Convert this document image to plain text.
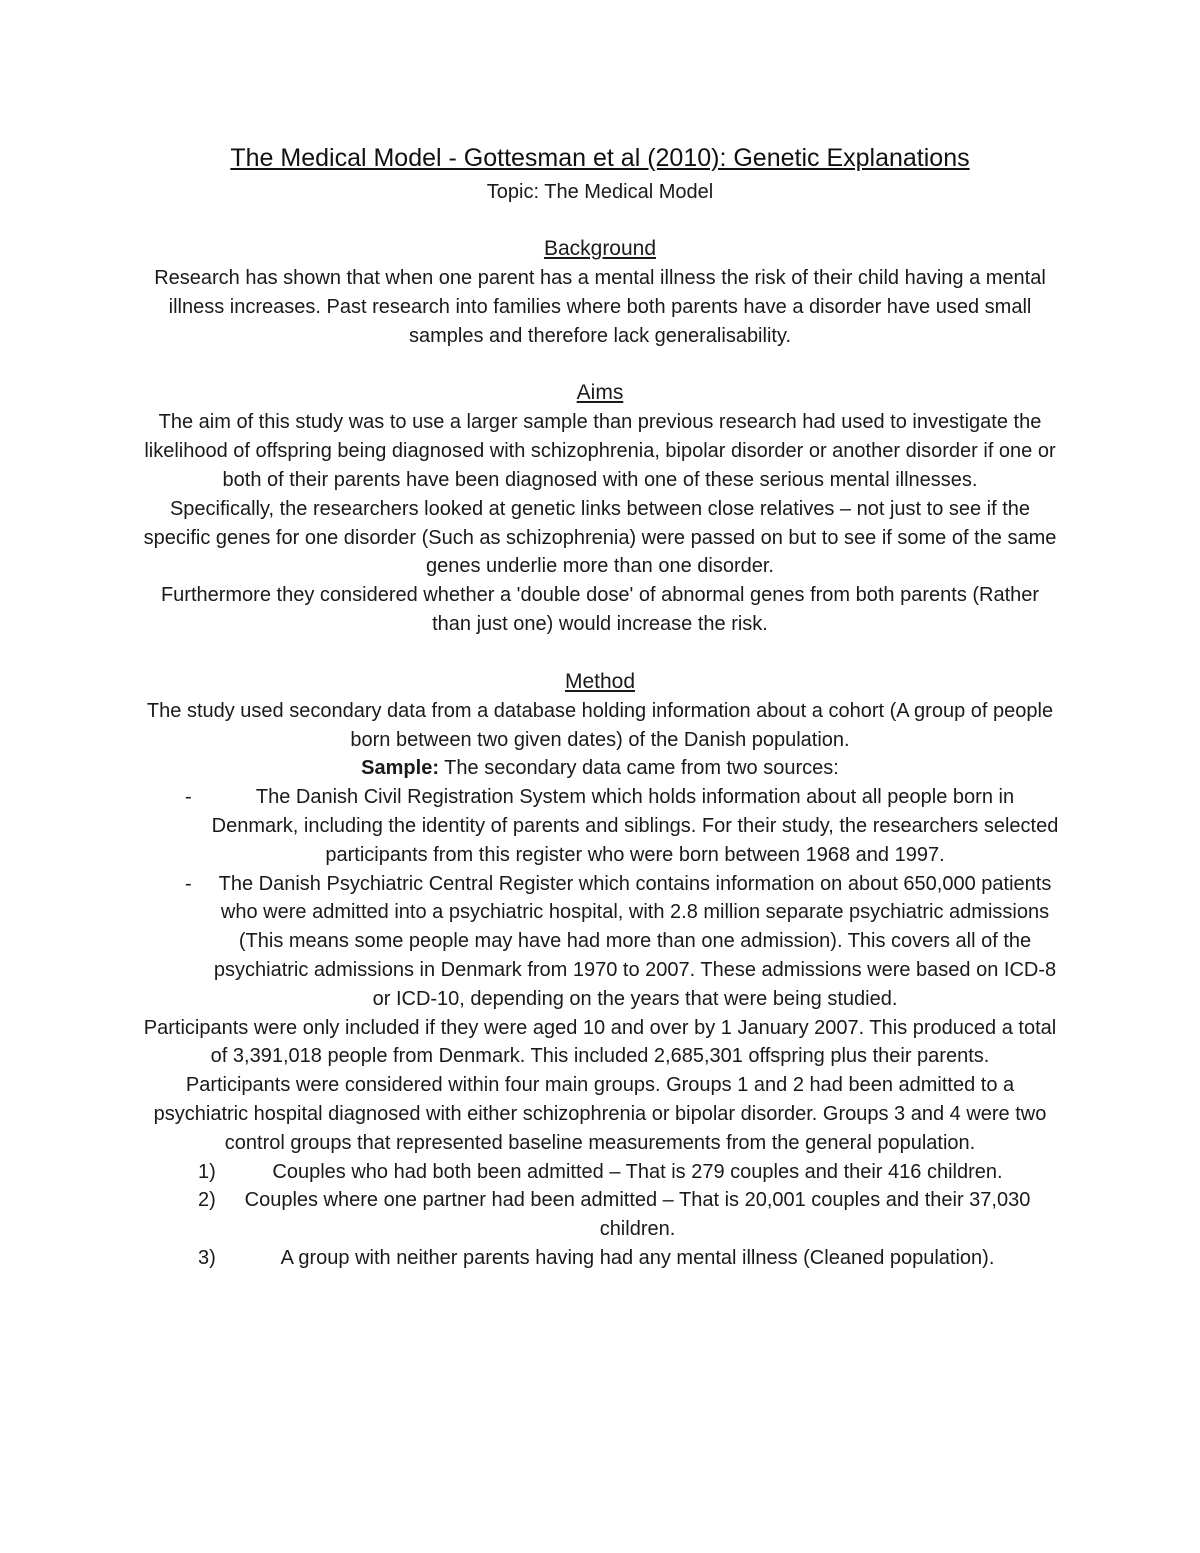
The Medical Model - Gottesman et al (2010): Genetic Explanations

Topic: The Medical Model

Background

Research has shown that when one parent has a mental illness the risk of their child having a mental illness increases. Past research into families where both parents have a disorder have used small samples and therefore lack generalisability.

Aims

The aim of this study was to use a larger sample than previous research had used to investigate the likelihood of offspring being diagnosed with schizophrenia, bipolar disorder or another disorder if one or both of their parents have been diagnosed with one of these serious mental illnesses.

Specifically, the researchers looked at genetic links between close relatives – not just to see if the specific genes for one disorder (Such as schizophrenia) were passed on but to see if some of the same genes underlie more than one disorder.

Furthermore they considered whether a 'double dose' of abnormal genes from both parents (Rather than just one) would increase the risk.

Method

The study used secondary data from a database holding information about a cohort (A group of people born between two given dates) of the Danish population.

Sample: The secondary data came from two sources:

-	The Danish Civil Registration System which holds information about all people born in Denmark, including the identity of parents and siblings. For their study, the researchers selected participants from this register who were born between 1968 and 1997.
- The Danish Psychiatric Central Register which contains information on about 650,000 patients who were admitted into a psychiatric hospital, with 2.8 million separate psychiatric admissions (This means some people may have had more than one admission). This covers all of the psychiatric admissions in Denmark from 1970 to 2007. These admissions were based on ICD-8 or ICD-10, depending on the years that were being studied.

Participants were only included if they were aged 10 and over by 1 January 2007. This produced a total of 3,391,018 people from Denmark. This included 2,685,301 offspring plus their parents.

Participants were considered within four main groups. Groups 1 and 2 had been admitted to a psychiatric hospital diagnosed with either schizophrenia or bipolar disorder. Groups 3 and 4 were two control groups that represented baseline measurements from the general population.

1)	Couples who had both been admitted – That is 279 couples and their 416 children.
2) Couples where one partner had been admitted – That is 20,001 couples and their 37,030 children.
3)	A group with neither parents having had any mental illness (Cleaned population).
